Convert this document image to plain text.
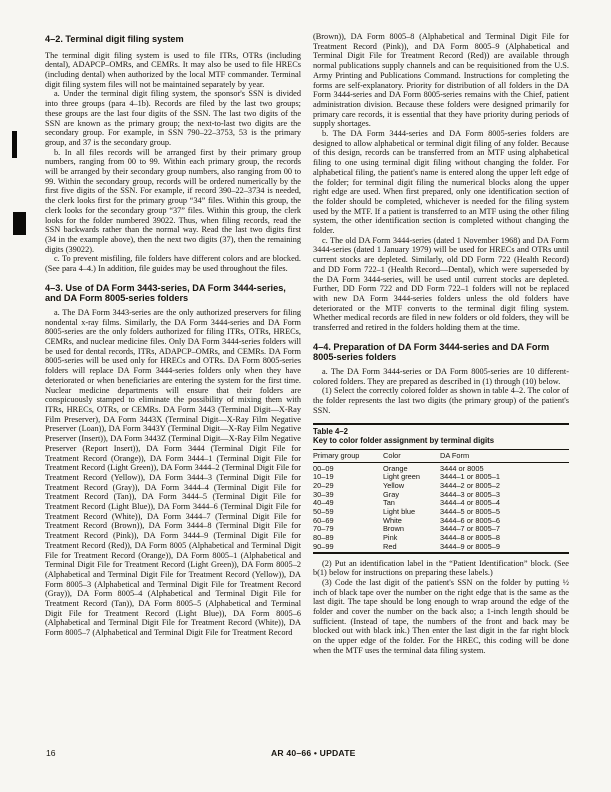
4–2. Terminal digit filing system

The terminal digit filing system is used to file ITRs, OTRs (including dental), ADAPCP–OMRs, and CEMRs. It may also be used to file HRECs (including dental) when authorized by the local MTF commander. Terminal digit filing system files will not be maintained separately by year.

a. Under the terminal digit filing system, the sponsor's SSN is divided into three groups (para 4–1b). Records are filed by the last two groups; these groups are the last four digits of the SSN. The last two digits of the SSN are known as the primary group; the next-to-last two digits are the secondary group. For example, in SSN 790–22–3753, 53 is the primary group, and 37 is the secondary group.

b. In all files records will be arranged first by their primary group numbers, ranging from 00 to 99. Within each primary group, the records will be arranged by their secondary group numbers, also ranging from 00 to 99. Within the secondary group, records will be ordered numerically by the first five digits of the SSN. For example, if record 390–22–3734 is needed, the clerk looks first for the primary group “34” files. Within this group, the clerk looks for the secondary group “37” files. Within this group, the clerk looks for the folder numbered 39022. Thus, when filing records, read the SSN backwards rather than the normal way. Read the last two digits first (34 in the example above), then the next two digits (37), then the remaining digits (39022).

c. To prevent misfiling, file folders have different colors and are blocked. (See para 4–4.) In addition, file guides may be used throughout the files.

4–3. Use of DA Form 3443-series, DA Form 3444-series, and DA Form 8005-series folders

a. The DA Form 3443-series are the only authorized preservers for filing nondental x-ray films. Similarly, the DA Form 3444-series and DA Form 8005-series are the only folders authorized for filing ITRs, OTRs, HRECs, CEMRs, and nuclear medicine files. Only DA Form 3444-series folders will be used for dental records, ITRs, ADAPCP–OMRs, and CEMRs. DA Form 8005-series will be used only for HRECs and OTRs. DA Form 8005-series folders will replace DA Form 3444-series folders only when they have deteriorated or when beneficiaries are entering the system for the first time. Nuclear medicine departments will ensure that their folders are conspicuously stamped to eliminate the possibility of mixing them with ITRs, HRECs, OTRs, or CEMRs. DA Form 3443 (Terminal Digit—X-Ray Film Preserver), DA Form 3443X (Terminal Digit—X-Ray Film Negative Preserver (Loan)), DA Form 3443Y (Terminal Digit—X-Ray Film Negative Preserver (Insert)), DA Form 3443Z (Terminal Digit—X-Ray Film Negative Preserver (Report Insert)), DA Form 3444 (Terminal Digit File for Treatment Record (Orange)), DA Form 3444–1 (Terminal Digit File for Treatment Record (Light Green)), DA Form 3444–2 (Terminal Digit File for Treatment Record (Yellow)), DA Form 3444–3 (Terminal Digit File for Treatment Record (Gray)), DA Form 3444–4 (Terminal Digit File for Treatment Record (Tan)), DA Form 3444–5 (Terminal Digit File for Treatment Record (Light Blue)), DA Form 3444–6 (Terminal Digit File for Treatment Record (White)), DA Form 3444–7 (Terminal Digit File for Treatment Record (Brown)), DA Form 3444–8 (Terminal Digit File for Treatment Record (Pink)), DA Form 3444–9 (Terminal Digit File for Treatment Record (Red)), DA Form 8005 (Alphabetical and Terminal Digit File for Treatment Record (Orange)), DA Form 8005–1 (Alphabetical and Terminal Digit File for Treatment Record (Light Green)), DA Form 8005–2 (Alphabetical and Terminal Digit File for Treatment Record (Yellow)), DA Form 8005–3 (Alphabetical and Terminal Digit File for Treatment Record (Gray)), DA Form 8005–4 (Alphabetical and Terminal Digit File for Treatment Record (Tan)), DA Form 8005–5 (Alphabetical and Terminal Digit File for Treatment Record (Light Blue)), DA Form 8005–6 (Alphabetical and Terminal Digit File for Treatment Record (White)), DA Form 8005–7 (Alphabetical and Terminal Digit File for Treatment Record

(Brown)), DA Form 8005–8 (Alphabetical and Terminal Digit File for Treatment Record (Pink)), and DA Form 8005–9 (Alphabetical and Terminal Digit File for Treatment Record (Red)) are available through normal publications supply channels and can be requisitioned from the U.S. Army Printing and Publications Command. Instructions for completing the forms are self-explanatory. Priority for distribution of all folders in the DA Form 3444-series and DA Form 8005-series remains with the Chief, patient administration division. Because these folders were designed primarily for primary care records, it is essential that they have priority during periods of supply shortages.

b. The DA Form 3444-series and DA Form 8005-series folders are designed to allow alphabetical or terminal digit filing of any folder. Because of this design, records can be transferred from an MTF using alphabetical filing to one using terminal digit filing without changing the folder. For alphabetical filing, the patient's name is entered along the upper left edge of the folder; for terminal digit filing the numerical blocks along the upper right edge are used. When first prepared, only one identification section of the folder should be completed, whichever is needed for the filing system used by the MTF. If a patient is transferred to an MTF using the other filing system, the other identification section is completed without changing the folder.

c. The old DA Form 3444-series (dated 1 November 1968) and DA Form 3444-series (dated 1 January 1979) will be used for HRECs and OTRs until current stocks are depleted. Similarly, old DD Form 722 (Health Record) and DD Form 722–1 (Health Record—Dental), which were superseded by the DA Form 3444-series, will be used until current stocks are depleted. Further, DD Form 722 and DD Form 722–1 folders will not be replaced with new DA Form 3444-series folders unless the old folders have deteriorated or the MTF converts to the terminal digit filing system. Whether medical records are filed in new folders or old folders, they will be transferred and retired in the folders holding them at the time.

4–4. Preparation of DA Form 3444-series and DA Form 8005-series folders

a. The DA Form 3444-series or DA Form 8005-series are 10 different-colored folders. They are prepared as described in (1) through (10) below.

(1) Select the correctly colored folder as shown in table 4–2. The color of the folder represents the last two digits (the primary group) of the patient's SSN.

Table 4–2

Key to color folder assignment by terminal digits

Primary group	Color	DA Form
00–09	Orange	3444 or 8005
10–19	Light green	3444–1 or 8005–1
20–29	Yellow	3444–2 or 8005–2
30–39	Gray	3444–3 or 8005–3
40–49	Tan	3444–4 or 8005–4
50–59	Light blue	3444–5 or 8005–5
60–69	White	3444–6 or 8005–6
70–79	Brown	3444–7 or 8005–7
80–89	Pink	3444–8 or 8005–8
90–99	Red	3444–9 or 8005–9

(2) Put an identification label in the “Patient Identification” block. (See b(1) below for instructions on preparing these labels.)

(3) Code the last digit of the patient's SSN on the folder by putting ½ inch of black tape over the number on the right edge that is the same as the last digit. The tape should be long enough to wrap around the edge of the folder and cover the number on the back also; a 1-inch length should be sufficient. (Instead of tape, the numbers of the front and back may be blocked out with black ink.) Then enter the last digit in the far right block on the upper edge of the folder. For the HREC, this coding will be done when the MTF uses the terminal data filing system.

16	AR 40–66 • UPDATE
